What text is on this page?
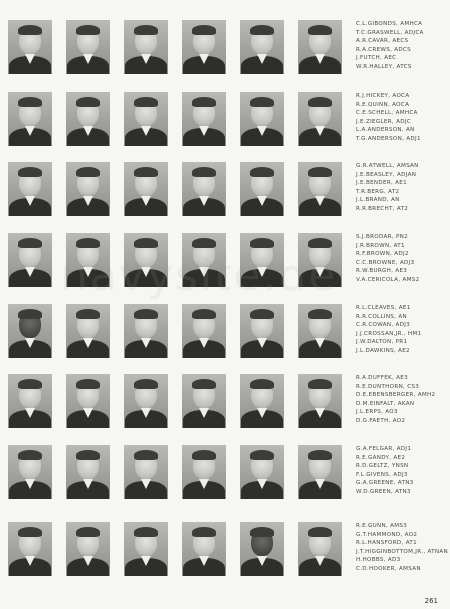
C.L.GIBONDS, AMHCA
T.C.GRASWELL, ADJCA
A.R.CAVAR, AECS
R.A.CREWS, ADCS
J.FUTCH, AEC
W.R.HALLEY, ATCS
R.J.HICKEY, AOCA
R.E.QUINN, AOCA
C.E.SCHELL, AMHCA
J.E.ZIEGLER, ADJC
L.A.ANDERSON, AN
T.G.ANDERSON, ADJ1
G.R.ATWELL, AMSAN
J.E.BEASLEY, ADJAN
J.E.BENDER, AE1
T.R.BERG, AT2
J.L.BRAND, AN
R.R.BRECHT, AT2
S.J.BRODAR, PN2
J.R.BROWN, AT1
R.F.BROWN, ADJ2
C.C.BROWNE, ADJ3
R.W.BURGH, AE3
V.A.CERICOLA, AMS2
R.L.CLEAVES, AE1
R.R.COLLINS, AN
C.R.COWAN, ADJ3
J.J.CROSSAN,JR., HM1
J.W.DALTON, PR1
J.L.DAWKINS, AE2
R.A.DUFFEK, AE3
R.E.DUNTHORN, CS3
D.E.EBENSBERGER, AMH2
D.M.EINFALT, AKAN
J.L.ERPS, AO3
D.G.FAETH, AO2
G.A.FELGAR, ADJ1
R.E.GANDY, AE2
R.D.GELTZ, YNSN
F.L.GIVENS, ADJ3
G.A.GREENE, ATN3
W.D.GREEN, ATN3
R.E.GUNN, AMS3
G.T.HAMMOND, AO2
R.L.HANSFORD, AT1
J.T.HIGGINBOTTOM,JR., ATNAN
H.HOBBS, AD3
C.D.HOOKER, AMSAN
navysite.de
261
